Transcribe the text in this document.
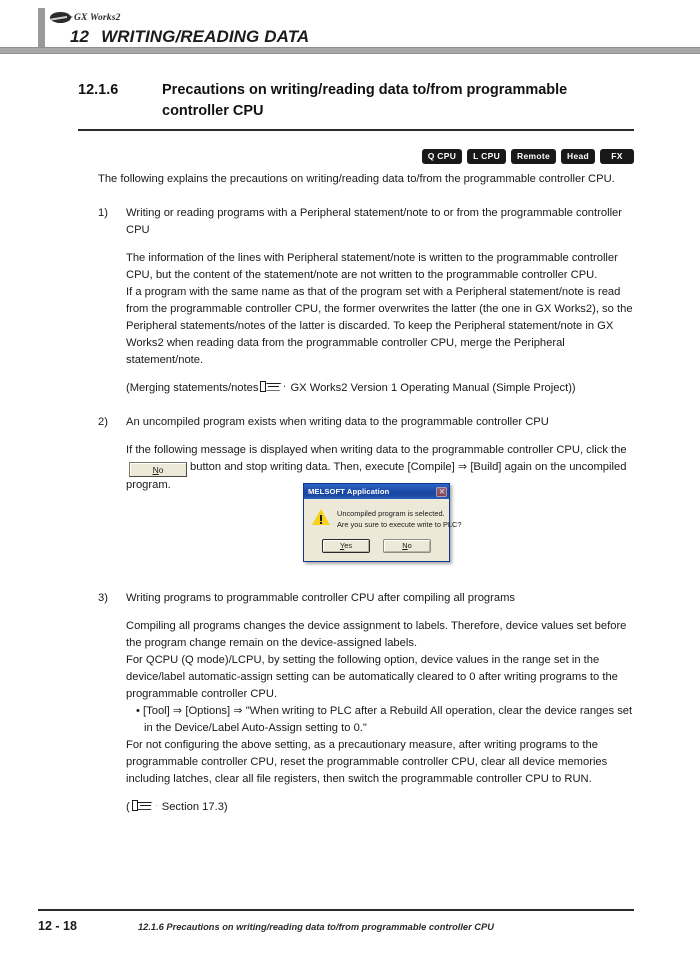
GX Works2
12 WRITING/READING DATA
12.1.6	Precautions on writing/reading data to/from programmable controller CPU
Q CPU	L CPU	Remote	Head	FX

The following explains the precautions on writing/reading data to/from the programmable controller CPU.

1)	Writing or reading programs with a Peripheral statement/note to or from the programmable controller CPU

The information of the lines with Peripheral statement/note is written to the programmable controller CPU, but the content of the statement/note are not written to the programmable controller CPU.

If a program with the same name as that of the program set with a Peripheral statement/note is read from the programmable controller CPU, the former overwrites the latter (the one in GX Works2), so the Peripheral statements/notes of the latter is discarded. To keep the Peripheral statement/note in GX Works2 when reading data from the programmable controller CPU, merge the Peripheral statement/note.

(Merging statements/notes	GX Works2 Version 1 Operating Manual (Simple Project))

2)	An uncompiled program exists when writing data to the programmable controller CPU

If the following message is displayed when writing data to the programmable controller CPU, click theNo button and stop writing data. Then, execute [Compile] ⇒ [Build] again on the uncompiled program.

3)	Writing programs to programmable controller CPU after compiling all programs

Compiling all programs changes the device assignment to labels. Therefore, device values set before the program change remain on the device-assigned labels.

For QCPU (Q mode)/LCPU, by setting the following option, device values in the range set in the device/label automatic-assign setting can be automatically cleared to 0 after writing programs to the programmable controller CPU.

• [Tool] ⇒ [Options] ⇒ "When writing to PLC after a Rebuild All operation, clear the device ranges set in the Device/Label Auto-Assign setting to 0."

For not configuring the above setting, as a precautionary measure, after writing programs to the programmable controller CPU, reset the programmable controller CPU, clear all device memories including latches, clear all file registers, then switch the programmable controller CPU to RUN.

(	Section 17.3)

MELSOFT Application
Uncompiled program is selected.
Are you sure to execute write to PLC?
Yes	No
12 - 18	12.1.6 Precautions on writing/reading data to/from programmable controller CPU
